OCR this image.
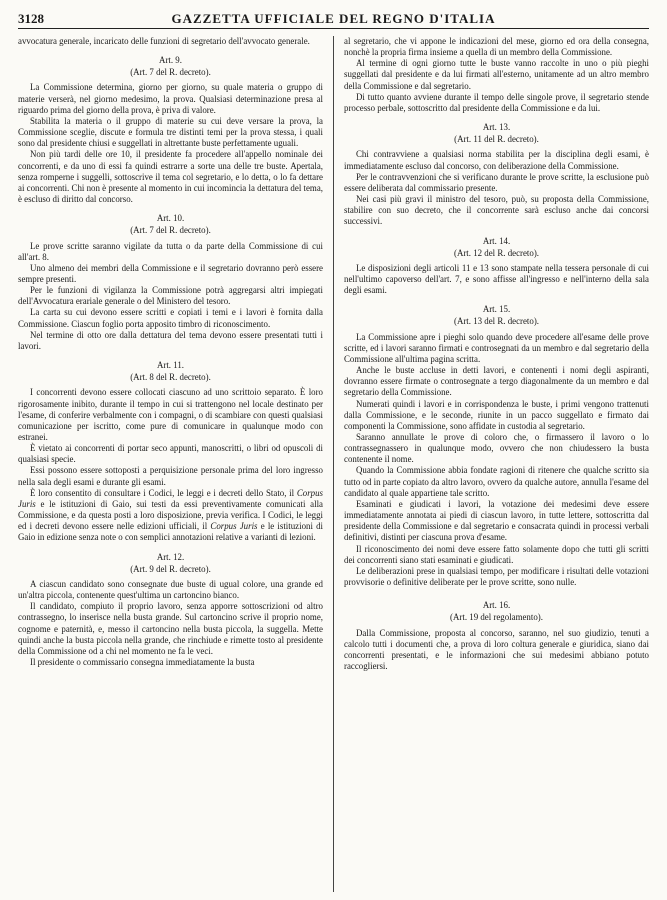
3128	GAZZETTA UFFICIALE DEL REGNO D'ITALIA

avvocatura generale, incaricato delle funzioni di segretario dell'avvocato generale.

Art. 9.
(Art. 7 del R. decreto).

La Commissione determina, giorno per giorno, su quale materia o gruppo di materie verserà, nel giorno medesimo, la prova. Qualsiasi determinazione presa al riguardo prima del giorno della prova, è priva di valore.

Stabilita la materia o il gruppo di materie su cui deve versare la prova, la Commissione sceglie, discute e formula tre distinti temi per la prova stessa, i quali sono dal presidente chiusi e suggellati in altrettante buste perfettamente uguali.

Non più tardi delle ore 10, il presidente fa procedere all'appello nominale dei concorrenti, e da uno di essi fa quindi estrarre a sorte una delle tre buste. Apertala, senza romperne i suggelli, sottoscrive il tema col segretario, e lo detta, o lo fa dettare ai concorrenti. Chi non è presente al momento in cui incomincia la dettatura del tema, è escluso di diritto dal concorso.

Art. 10.
(Art. 7 del R. decreto).

Le prove scritte saranno vigilate da tutta o da parte della Commissione di cui all'art. 8.

Uno almeno dei membri della Commissione e il segretario dovranno però essere sempre presenti.

Per le funzioni di vigilanza la Commissione potrà aggregarsi altri impiegati dell'Avvocatura erariale generale o del Ministero del tesoro.

La carta su cui devono essere scritti e copiati i temi e i lavori è fornita dalla Commissione. Ciascun foglio porta apposito timbro di riconoscimento.

Nel termine di otto ore dalla dettatura del tema devono essere presentati tutti i lavori.

Art. 11.
(Art. 8 del R. decreto).

I concorrenti devono essere collocati ciascuno ad uno scrittoio separato. È loro rigorosamente inibito, durante il tempo in cui si trattengono nel locale destinato per l'esame, di conferire verbalmente con i compagni, o di scambiare con questi qualsiasi comunicazione per iscritto, come pure di comunicare in qualunque modo con estranei.

È vietato ai concorrenti di portar seco appunti, manoscritti, o libri od opuscoli di qualsiasi specie.

Essi possono essere sottoposti a perquisizione personale prima del loro ingresso nella sala degli esami e durante gli esami.

È loro consentito di consultare i Codici, le leggi e i decreti dello Stato, il Corpus Juris e le istituzioni di Gaio, sui testi da essi preventivamente comunicati alla Commissione, e da questa posti a loro disposizione, previa verifica. I Codici, le leggi ed i decreti devono essere nelle edizioni ufficiali, il Corpus Juris e le istituzioni di Gaio in edizione senza note o con semplici annotazioni relative a varianti di lezioni.

Art. 12.
(Art. 9 del R. decreto).

A ciascun candidato sono consegnate due buste di ugual colore, una grande ed un'altra piccola, contenente quest'ultima un cartoncino bianco.

Il candidato, compiuto il proprio lavoro, senza apporre sottoscrizioni od altro contrassegno, lo inserisce nella busta grande. Sul cartoncino scrive il proprio nome, cognome e paternità, e, messo il cartoncino nella busta piccola, la suggella. Mette quindi anche la busta piccola nella grande, che rinchiude e rimette tosto al presidente della Commissione od a chi nel momento ne fa le veci.

Il presidente o commissario consegna immediatamente la busta

al segretario, che vi appone le indicazioni del mese, giorno ed ora della consegna, nonchè la propria firma insieme a quella di un membro della Commissione.

Al termine di ogni giorno tutte le buste vanno raccolte in uno o più pieghi suggellati dal presidente e da lui firmati all'esterno, unitamente ad un altro membro della Commissione e dal segretario.

Di tutto quanto avviene durante il tempo delle singole prove, il segretario stende processo perbale, sottoscritto dal presidente della Commissione e da lui.

Art. 13.
(Art. 11 del R. decreto).

Chi contravviene a qualsiasi norma stabilita per la disciplina degli esami, è immediatamente escluso dal concorso, con deliberazione della Commissione.

Per le contravvenzioni che si verificano durante le prove scritte, la esclusione può essere deliberata dal commissario presente.

Nei casi più gravi il ministro del tesoro, può, su proposta della Commissione, stabilire con suo decreto, che il concorrente sarà escluso anche dai concorsi successivi.

Art. 14.
(Art. 12 del R. decreto).

Le disposizioni degli articoli 11 e 13 sono stampate nella tessera personale di cui nell'ultimo capoverso dell'art. 7, e sono affisse all'ingresso e nell'interno della sala degli esami.

Art. 15.
(Art. 13 del R. decreto).

La Commissione apre i pieghi solo quando deve procedere all'esame delle prove scritte, ed i lavori saranno firmati e controsegnati da un membro e dal segretario della Commissione all'ultima pagina scritta.

Anche le buste accluse in detti lavori, e contenenti i nomi degli aspiranti, dovranno essere firmate o controsegnate a tergo diagonalmente da un membro e dal segretario della Commissione.

Numerati quindi i lavori e in corrispondenza le buste, i primi vengono trattenuti dalla Commissione, e le seconde, riunite in un pacco suggellato e firmato dai componenti la Commissione, sono affidate in custodia al segretario.

Saranno annullate le prove di coloro che, o firmassero il lavoro o lo contrassegnassero in qualunque modo, ovvero che non chiudessero la busta contenente il nome.

Quando la Commissione abbia fondate ragioni di ritenere che qualche scritto sia tutto od in parte copiato da altro lavoro, ovvero da qualche autore, annulla l'esame del candidato al quale appartiene tale scritto.

Esaminati e giudicati i lavori, la votazione dei medesimi deve essere immediatamente annotata ai piedi di ciascun lavoro, in tutte lettere, sottoscritta dal presidente della Commissione e dal segretario e consacrata quindi in processi verbali definitivi, distinti per ciascuna prova d'esame.

Il riconoscimento dei nomi deve essere fatto solamente dopo che tutti gli scritti dei concorrenti siano stati esaminati e giudicati.

Le deliberazioni prese in qualsiasi tempo, per modificare i risultati delle votazioni provvisorie o definitive deliberate per le prove scritte, sono nulle.

Art. 16.
(Art. 19 del regolamento).

Dalla Commissione, proposta al concorso, saranno, nel suo giudizio, tenuti a calcolo tutti i documenti che, a prova di loro coltura generale e giuridica, siano dai concorrenti presentati, e le informazioni che sui medesimi abbiano potuto raccogliersi.
